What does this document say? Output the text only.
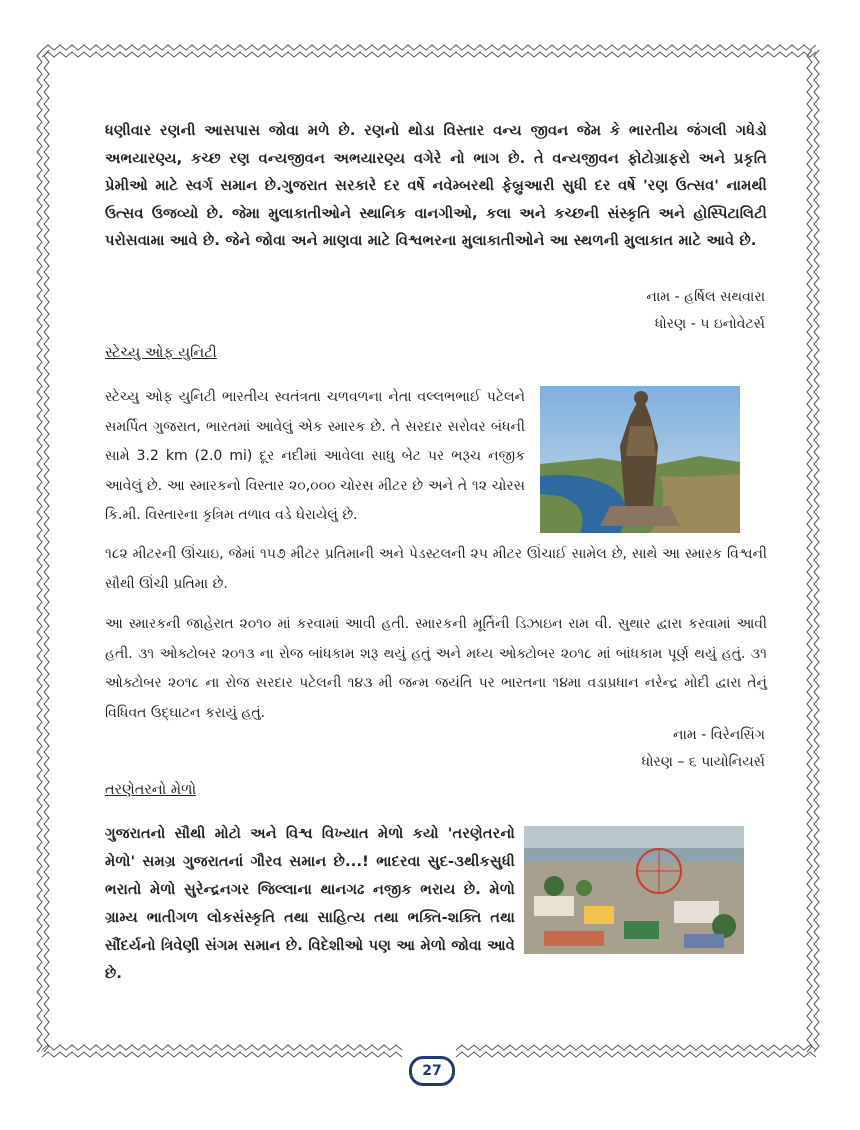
ધણીવાર રણની આસપાસ જોવા મળે છે. રણનો થોડા વિસ્તાર વન્ય જીવન જેમ કે ભારતીય જંગલી ગધેડો અભયારણ્ય, કચ્છ રણ વન્યજીવન અભયારણ્ય વગેરે નો ભાગ છે. તે વન્યજીવન ફોટોગ્રાફરો અને પ્રકૃતિ પ્રેમીઓ માટે સ્વર્ગ સમાન છે.ગુજરાત સરકારે દર વર્ષે નવેમ્બરથી ફેબ્રુઆરી સુધી દર વર્ષે 'રણ ઉત્સવ' નામથી ઉત્સવ ઉજવ્યો છે. જેમા મુલાકાતીઓને સ્થાનિક વાનગીઓ, કલા અને કચ્છની સંસ્કૃતિ અને હોસ્પિટાલિટી પરોસવામા આવે છે. જેને જોવા અને માણવા માટે વિશ્વભરના મુલાકાતીઓને આ સ્થળની મુલાકાત માટે આવે છે.

નામ - હર્ષિલ સથવારા
ધોરણ - ૫ ઇનોવેટર્સ
સ્ટેચ્યુ ઓફ યુનિટી

સ્ટેચ્યુ ઓફ યુનિટી ભારતીય સ્વતંત્રતા ચળવળના નેતા વલ્લભભાઈ પટેલને સમર્પિત ગુજરાત, ભારતમાં આવેલું એક સ્મારક છે. તે સરદાર સરોવર બંધની સામે 3.2 km (2.0 mi) દૂર નદીમાં આવેલા સાધુ બેટ પર ભરૂચ નજીક આવેલું છે. આ સ્મારકનો વિસ્તાર ૨૦,૦૦૦ ચોરસ મીટર છે અને તે ૧૨ ચોરસ કિ.મી. વિસ્તારના કૃત્રિમ તળાવ વડે ઘેરાયેલું છે.

૧૮૨ મીટરની ઊંચાઇ, જેમાં ૧૫૭ મીટર પ્રતિમાની અને પેડસ્ટલની ૨૫ મીટર ઊંચાઈ સામેલ છે, સાથે આ સ્મારક વિશ્વની સૌથી ઊંચી પ્રતિમા છે.

આ સ્મારકની જાહેરાત ૨૦૧૦ માં કરવામાં આવી હતી. સ્મારકની મૂર્તિની ડિઝાઇન રામ વી. સુથાર દ્વારા કરવામાં આવી હતી. ૩૧ ઓક્ટોબર ૨૦૧૩ ના રોજ બાંધકામ શરૂ થયું હતું અને મધ્ય ઓક્ટોબર ૨૦૧૮ માં બાંધકામ પૂર્ણ થયું હતું. ૩૧ ઓક્ટોબર ૨૦૧૮ ના રોજ સરદાર પટેલની ૧૪૩ મી જન્મ જયંતિ પર ભારતના ૧૪મા વડાપ્રધાન નરેન્દ્ર મોદી દ્વારા તેનું વિધિવત ઉદ્ઘાટન કરાયું હતું.

નામ - વિરેનસિંગ
ધોરણ – ૬ પાયોનિયર્સ
તરણેતરનો મેળો

ગુજરાતનો સૌથી મોટો અને વિશ્વ વિખ્યાત મેળો કયો 'તરણેતરનો મેળો' સમગ્ર ગુજરાતનાં ગૌરવ સમાન છે...! ભાદરવા સુદ-૩થીકસુધી ભરાતો મેળો સુરેન્દ્રનગર જિલ્લાના થાનગઢ નજીક ભરાય છે. મેળો ગ્રામ્ય ભાતીગળ લોકસંસ્કૃતિ તથા સાહિત્ય તથા ભક્તિ-શક્તિ તથા સૌંદર્યનો ત્રિવેણી સંગમ સમાન છે. વિદેશીઓ પણ આ મેળો જોવા આવે છે.

27
